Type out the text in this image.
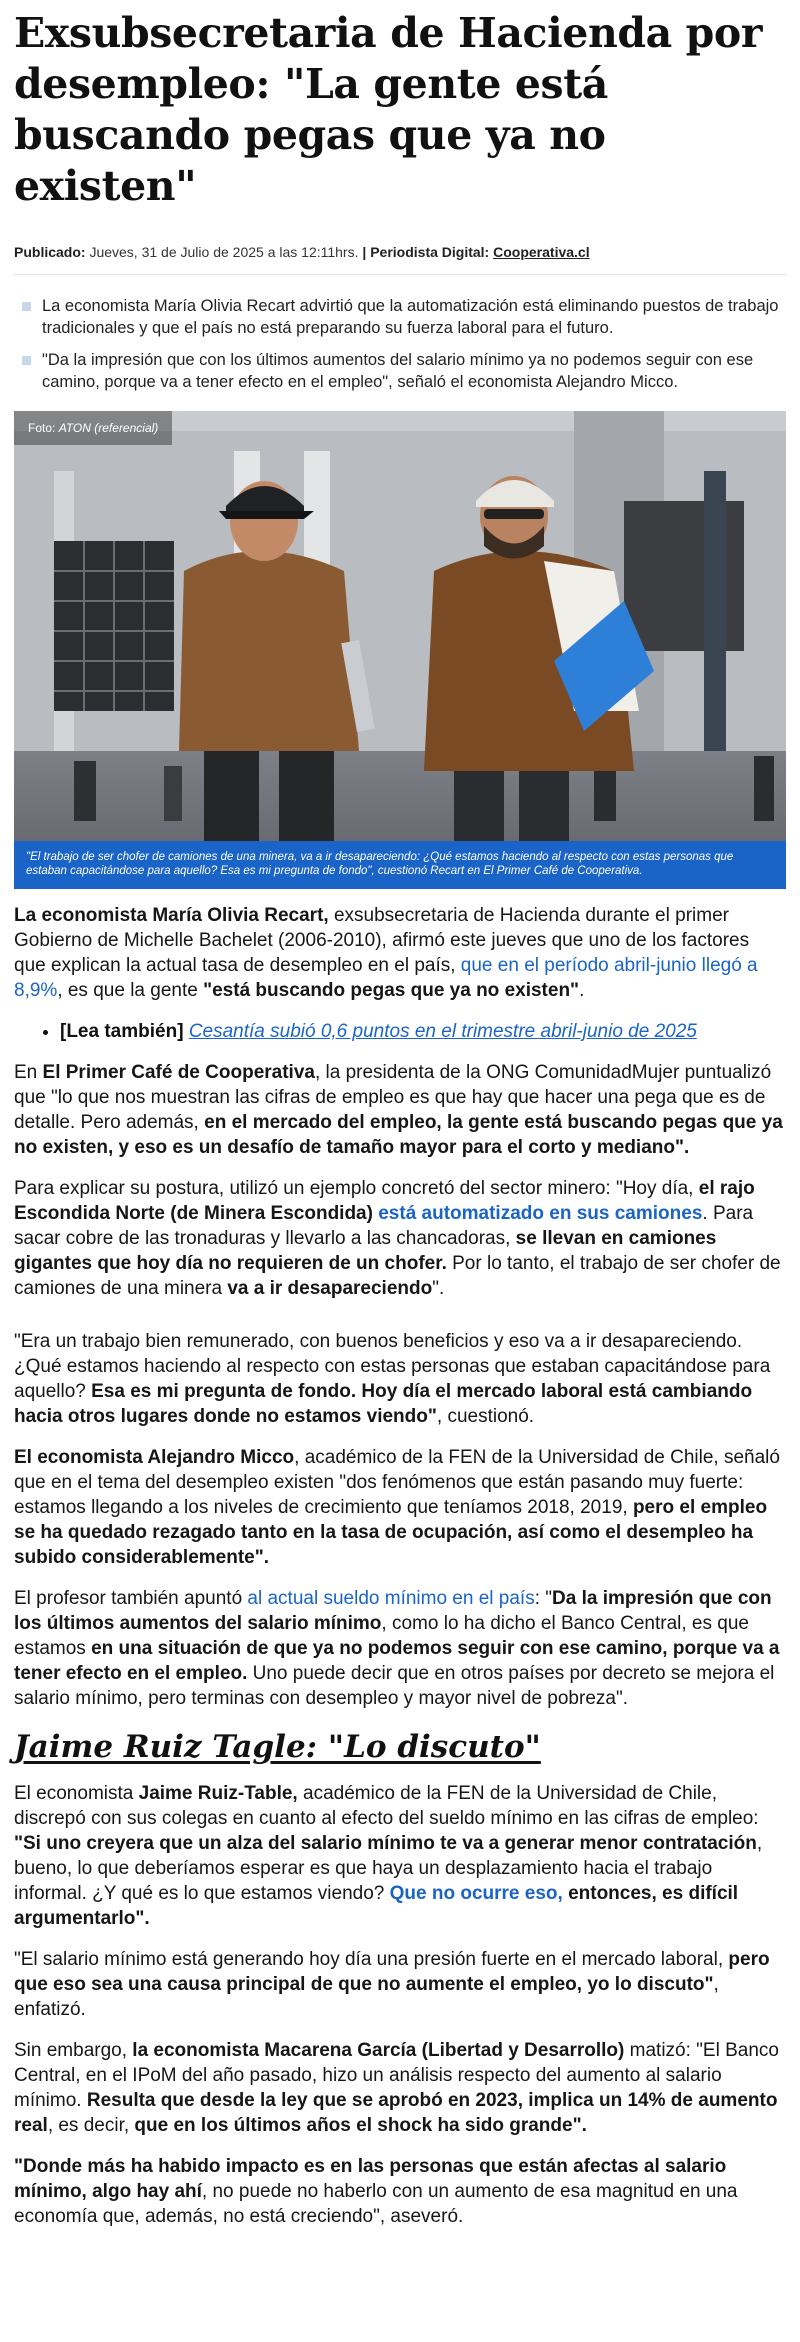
Exsubsecretaria de Hacienda por desempleo: "La gente está buscando pegas que ya no existen"
Publicado: Jueves, 31 de Julio de 2025 a las 12:11hrs. | Periodista Digital: Cooperativa.cl
La economista María Olivia Recart advirtió que la automatización está eliminando puestos de trabajo tradicionales y que el país no está preparando su fuerza laboral para el futuro.
"Da la impresión que con los últimos aumentos del salario mínimo ya no podemos seguir con ese camino, porque va a tener efecto en el empleo", señaló el economista Alejandro Micco.
Foto: ATON (referencial)
"El trabajo de ser chofer de camiones de una minera, va a ir desapareciendo: ¿Qué estamos haciendo al respecto con estas personas que estaban capacitándose para aquello? Esa es mi pregunta de fondo", cuestionó Recart en El Primer Café de Cooperativa.

La economista María Olivia Recart, exsubsecretaria de Hacienda durante el primer Gobierno de Michelle Bachelet (2006-2010), afirmó este jueves que uno de los factores que explican la actual tasa de desempleo en el país, que en el período abril-junio llegó a 8,9%, es que la gente "está buscando pegas que ya no existen".

• [Lea también] Cesantía subió 0,6 puntos en el trimestre abril-junio de 2025

En El Primer Café de Cooperativa, la presidenta de la ONG ComunidadMujer puntualizó que "lo que nos muestran las cifras de empleo es que hay que hacer una pega que es de detalle. Pero además, en el mercado del empleo, la gente está buscando pegas que ya no existen, y eso es un desafío de tamaño mayor para el corto y mediano".

Para explicar su postura, utilizó un ejemplo concretó del sector minero: "Hoy día, el rajo Escondida Norte (de Minera Escondida) está automatizado en sus camiones. Para sacar cobre de las tronaduras y llevarlo a las chancadoras, se llevan en camiones gigantes que hoy día no requieren de un chofer. Por lo tanto, el trabajo de ser chofer de camiones de una minera va a ir desapareciendo".

"Era un trabajo bien remunerado, con buenos beneficios y eso va a ir desapareciendo. ¿Qué estamos haciendo al respecto con estas personas que estaban capacitándose para aquello? Esa es mi pregunta de fondo. Hoy día el mercado laboral está cambiando hacia otros lugares donde no estamos viendo", cuestionó.

El economista Alejandro Micco, académico de la FEN de la Universidad de Chile, señaló que en el tema del desempleo existen "dos fenómenos que están pasando muy fuerte: estamos llegando a los niveles de crecimiento que teníamos 2018, 2019, pero el empleo se ha quedado rezagado tanto en la tasa de ocupación, así como el desempleo ha subido considerablemente".

El profesor también apuntó al actual sueldo mínimo en el país: "Da la impresión que con los últimos aumentos del salario mínimo, como lo ha dicho el Banco Central, es que estamos en una situación de que ya no podemos seguir con ese camino, porque va a tener efecto en el empleo. Uno puede decir que en otros países por decreto se mejora el salario mínimo, pero terminas con desempleo y mayor nivel de pobreza".

Jaime Ruiz Tagle: "Lo discuto"

El economista Jaime Ruiz-Table, académico de la FEN de la Universidad de Chile, discrepó con sus colegas en cuanto al efecto del sueldo mínimo en las cifras de empleo: "Si uno creyera que un alza del salario mínimo te va a generar menor contratación, bueno, lo que deberíamos esperar es que haya un desplazamiento hacia el trabajo informal. ¿Y qué es lo que estamos viendo? Que no ocurre eso, entonces, es difícil argumentarlo".

"El salario mínimo está generando hoy día una presión fuerte en el mercado laboral, pero que eso sea una causa principal de que no aumente el empleo, yo lo discuto", enfatizó.

Sin embargo, la economista Macarena García (Libertad y Desarrollo) matizó: "El Banco Central, en el IPoM del año pasado, hizo un análisis respecto del aumento al salario mínimo. Resulta que desde la ley que se aprobó en 2023, implica un 14% de aumento real, es decir, que en los últimos años el shock ha sido grande".

"Donde más ha habido impacto es en las personas que están afectas al salario mínimo, algo hay ahí, no puede no haberlo con un aumento de esa magnitud en una economía que, además, no está creciendo", aseveró.
